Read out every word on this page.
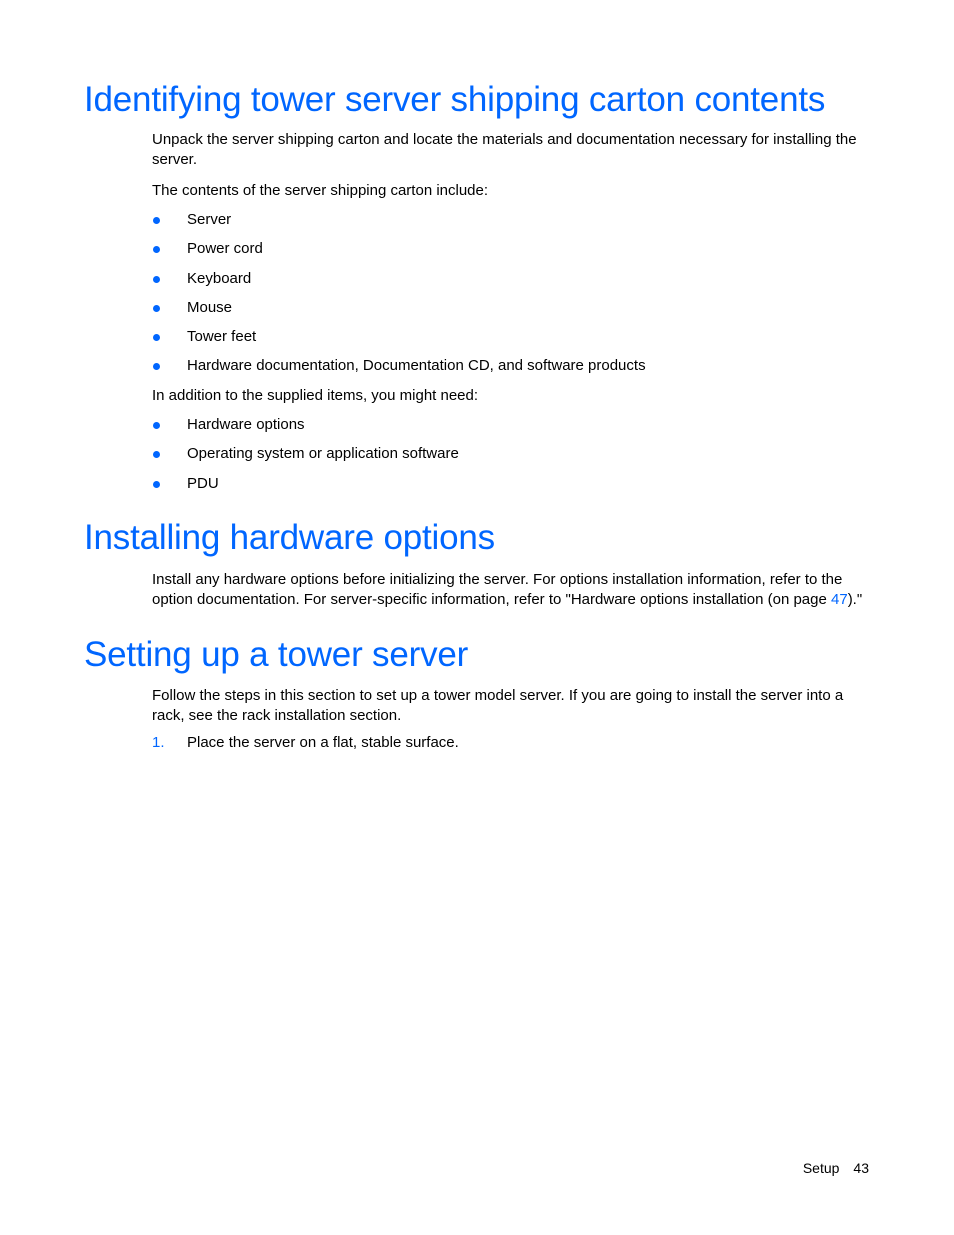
Identifying tower server shipping carton contents

Unpack the server shipping carton and locate the materials and documentation necessary for installing the server.

The contents of the server shipping carton include:

Server
Power cord
Keyboard
Mouse
Tower feet
Hardware documentation, Documentation CD, and software products

In addition to the supplied items, you might need:

Hardware options
Operating system or application software
PDU
Installing hardware options

Install any hardware options before initializing the server. For options installation information, refer to the option documentation. For server-specific information, refer to "Hardware options installation (on page 47)."

Setting up a tower server

Follow the steps in this section to set up a tower model server. If you are going to install the server into a rack, see the rack installation section.

1. Place the server on a flat, stable surface.
Setup 43
